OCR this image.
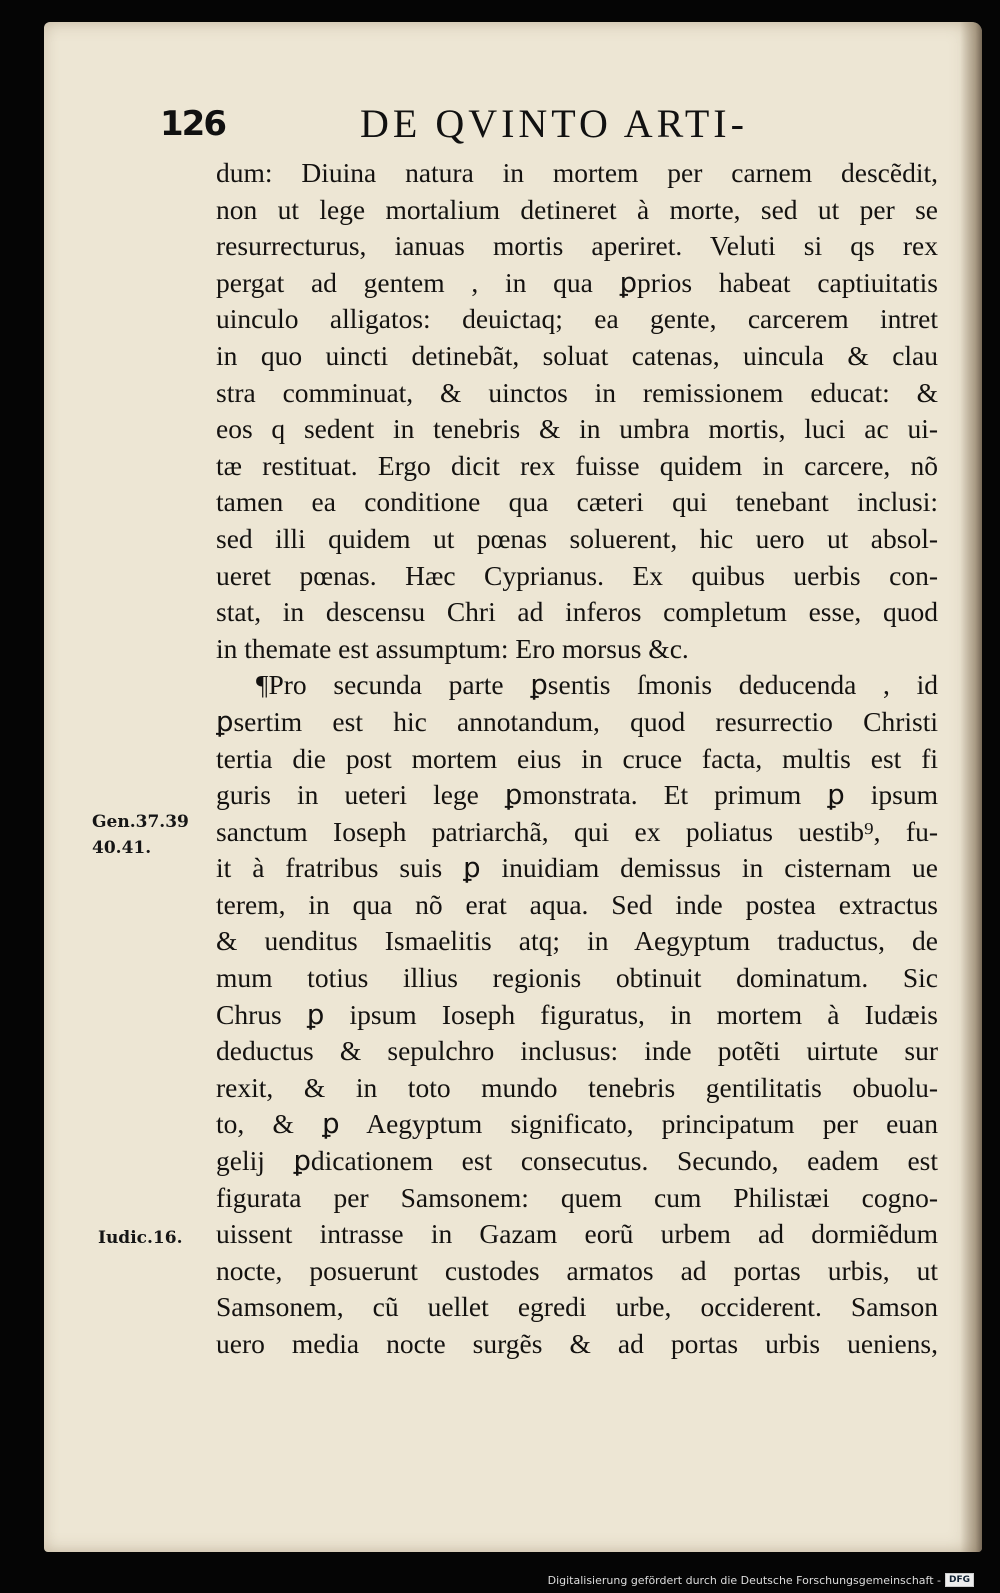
126	DE QVINTO ARTI-
dum: Diuina natura in mortem per carnem descẽdit,
non ut lege mortalium detineret à morte, sed ut per se
resurrecturus, ianuas mortis aperiret. Veluti si qs rex
pergat ad gentem , in qua ꝑprios habeat captiuitatis
uinculo alligatos: deuictaq; ea gente, carcerem intret
in quo uincti detinebãt, soluat catenas, uincula & clau
stra comminuat, & uinctos in remissionem educat: &
eos q sedent in tenebris & in umbra mortis, luci ac ui-
tæ restituat. Ergo dicit rex fuisse quidem in carcere, nõ
tamen ea conditione qua cæteri qui tenebant inclusi:
sed illi quidem ut pœnas soluerent, hic uero ut absol-
ueret pœnas. Hæc Cyprianus. Ex quibus uerbis con-
stat, in descensu Chri ad inferos completum esse, quod
in themate est assumptum: Ero morsus &c.
¶Pro secunda parte ꝑsentis ſmonis deducenda , id
ꝑsertim est hic annotandum, quod resurrectio Christi
tertia die post mortem eius in cruce facta, multis est fi
guris in ueteri lege ꝑmonstrata. Et primum ꝑ ipsum
sanctum Ioseph patriarchã, qui ex poliatus uestib⁹, fu-
it à fratribus suis ꝑ inuidiam demissus in cisternam ue
terem, in qua nõ erat aqua. Sed inde postea extractus
& uenditus Ismaelitis atq; in Aegyptum traductus, de
mum totius illius regionis obtinuit dominatum. Sic
Chrus ꝑ ipsum Ioseph figuratus, in mortem à Iudæis
deductus & sepulchro inclusus: inde potẽti uirtute sur
rexit, & in toto mundo tenebris gentilitatis obuolu-
to, & ꝑ Aegyptum significato, principatum per euan
gelij ꝑdicationem est consecutus. Secundo, eadem est
figurata per Samsonem: quem cum Philistæi cogno-
uissent intrasse in Gazam eorũ urbem ad dormiẽdum
nocte, posuerunt custodes armatos ad portas urbis, ut
Samsonem, cũ uellet egredi urbe, occiderent. Samson
uero media nocte surgẽs & ad portas urbis ueniens,
Gen.37.39
40.41.
Iudic.16.
Digitalisierung gefördert durch die Deutsche Forschungsgemeinschaft - DFG
